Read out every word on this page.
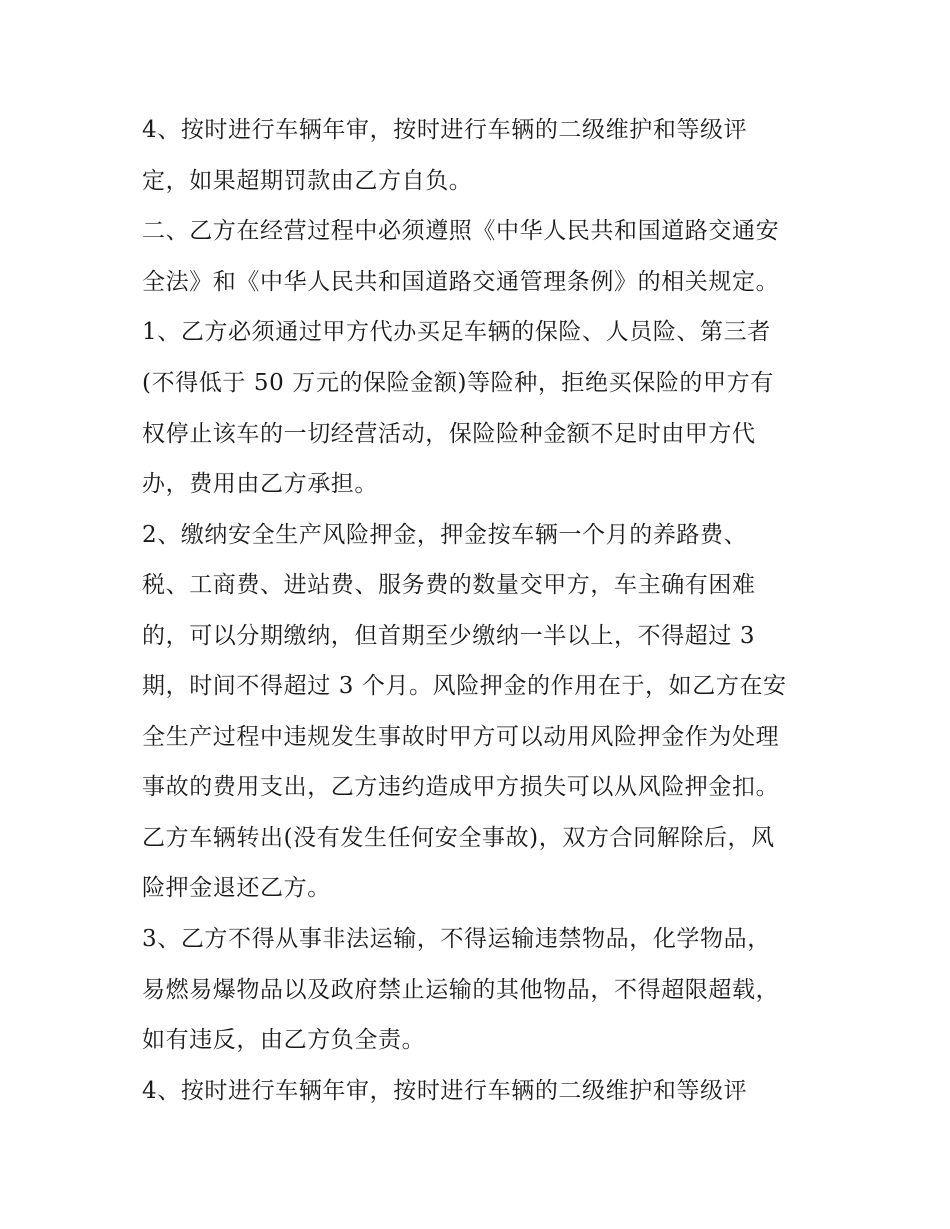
4、按时进行车辆年审，按时进行车辆的二级维护和等级评
定，如果超期罚款由乙方自负。
二、乙方在经营过程中必须遵照《中华人民共和国道路交通安
全法》和《中华人民共和国道路交通管理条例》的相关规定。
1、乙方必须通过甲方代办买足车辆的保险、人员险、第三者
(不得低于 50 万元的保险金额)等险种，拒绝买保险的甲方有
权停止该车的一切经营活动，保险险种金额不足时由甲方代
办，费用由乙方承担。
2、缴纳安全生产风险押金，押金按车辆一个月的养路费、
税、工商费、进站费、服务费的数量交甲方，车主确有困难
的，可以分期缴纳，但首期至少缴纳一半以上，不得超过 3
期，时间不得超过 3 个月。风险押金的作用在于，如乙方在安
全生产过程中违规发生事故时甲方可以动用风险押金作为处理
事故的费用支出，乙方违约造成甲方损失可以从风险押金扣。
乙方车辆转出(没有发生任何安全事故)，双方合同解除后，风
险押金退还乙方。
3、乙方不得从事非法运输，不得运输违禁物品，化学物品，
易燃易爆物品以及政府禁止运输的其他物品，不得超限超载，
如有违反，由乙方负全责。
4、按时进行车辆年审，按时进行车辆的二级维护和等级评
